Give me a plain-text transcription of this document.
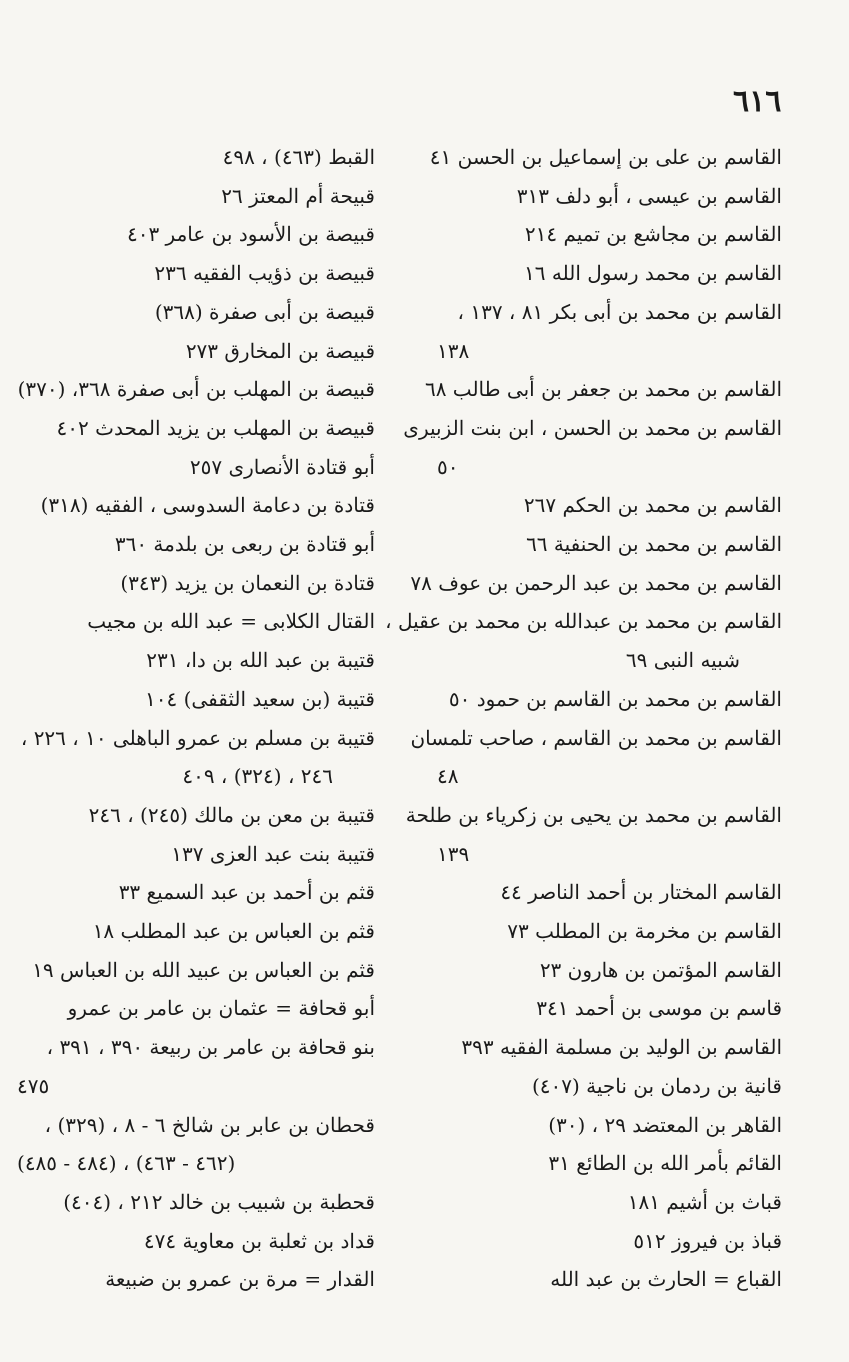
٦١٦
القاسم بن على بن إسماعيل بن الحسن ٤١
القاسم بن عيسى ، أبو دلف ٣١٣
القاسم بن مجاشع بن تميم ٢١٤
القاسم بن محمد رسول الله ١٦
القاسم بن محمد بن أبى بكر ٨١ ، ١٣٧ ،
١٣٨
القاسم بن محمد بن جعفر بن أبى طالب ٦٨
القاسم بن محمد بن الحسن ، ابن بنت الزبيرى
٥٠
القاسم بن محمد بن الحكم ٢٦٧
القاسم بن محمد بن الحنفية ٦٦
القاسم بن محمد بن عبد الرحمن بن عوف ٧٨
القاسم بن محمد بن عبدالله بن محمد بن عقيل ،
شبيه النبى ٦٩
القاسم بن محمد بن القاسم بن حمود ٥٠
القاسم بن محمد بن القاسم ، صاحب تلمسان
٤٨
القاسم بن محمد بن يحيى بن زكرياء بن طلحة
١٣٩
القاسم المختار بن أحمد الناصر ٤٤
القاسم بن مخرمة بن المطلب ٧٣
القاسم المؤتمن بن هارون ٢٣
قاسم بن موسى بن أحمد ٣٤١
القاسم بن الوليد بن مسلمة الفقيه ٣٩٣
قانية بن ردمان بن ناجية (٤٠٧)
القاهر بن المعتضد ٢٩ ، (٣٠)
القائم بأمر الله بن الطائع ٣١
قباث بن أشيم ١٨١
قباذ بن فيروز ٥١٢
القباع = الحارث بن عبد الله
القبط (٤٦٣) ، ٤٩٨
قبيحة أم المعتز ٢٦
قبيصة بن الأسود بن عامر ٤٠٣
قبيصة بن ذؤيب الفقيه ٢٣٦
قبيصة بن أبى صفرة (٣٦٨)
قبيصة بن المخارق ٢٧٣
قبيصة بن المهلب بن أبى صفرة ٣٦٨، (٣٧٠)
قبيصة بن المهلب بن يزيد المحدث ٤٠٢
أبو قتادة الأنصارى ٢٥٧
قتادة بن دعامة السدوسى ، الفقيه (٣١٨)
أبو قتادة بن ربعى بن بلدمة ٣٦٠
قتادة بن النعمان بن يزيد (٣٤٣)
القتال الكلابى = عبد الله بن مجيب
قتيبة بن عبد الله بن دا، ٢٣١
قتيبة (بن سعيد الثقفى) ١٠٤
قتيبة بن مسلم بن عمرو الباهلى ١٠ ، ٢٢٦ ،
٢٤٦ ، (٣٢٤) ، ٤٠٩
قتيبة بن معن بن مالك (٢٤٥) ، ٢٤٦
قتيبة بنت عبد العزى ١٣٧
قثم بن أحمد بن عبد السميع ٣٣
قثم بن العباس بن عبد المطلب ١٨
قثم بن العباس بن عبيد الله بن العباس ١٩
أبو قحافة = عثمان بن عامر بن عمرو
بنو قحافة بن عامر بن ربيعة ٣٩٠ ، ٣٩١ ،
٤٧٥
قحطان بن عابر بن شالخ ٦ - ٨ ، (٣٢٩) ،
(٤٦٢ - ٤٦٣) ، (٤٨٤ - ٤٨٥)
قحطبة بن شبيب بن خالد ٢١٢ ، (٤٠٤)
قداد بن ثعلبة بن معاوية ٤٧٤
القدار = مرة بن عمرو بن ضبيعة
